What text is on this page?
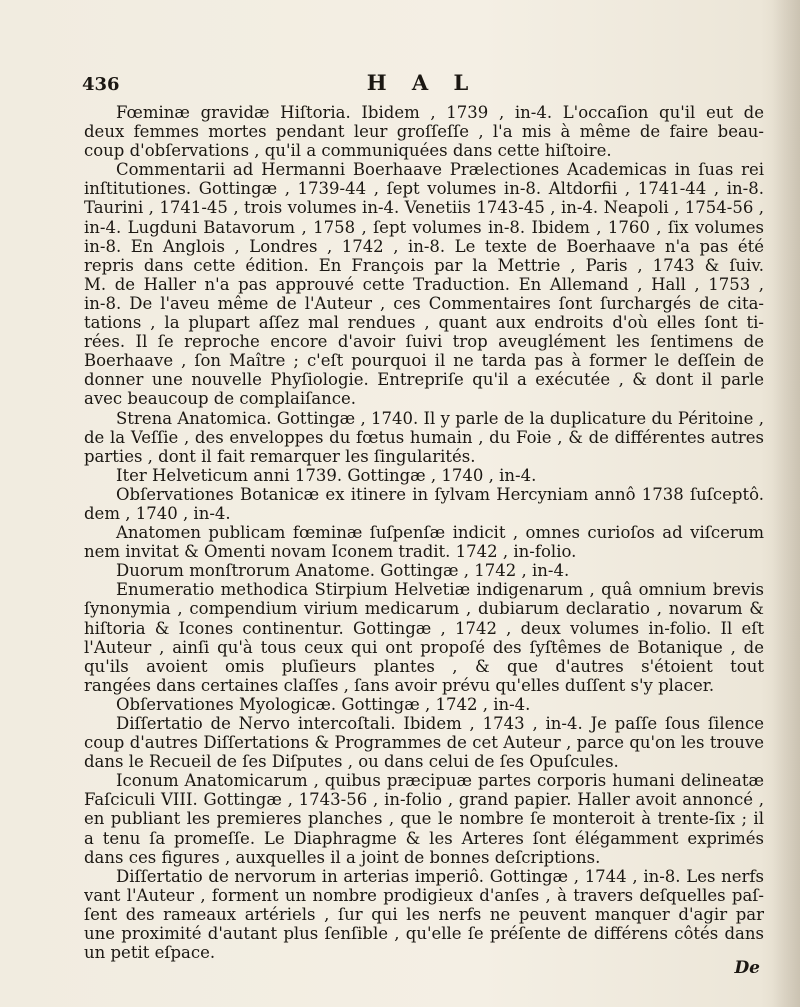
436	H A L
Fœminæ gravidæ Hiſtoria. Ibidem , 1739 , in-4. L'occaſion qu'il eut de
deux femmes mortes pendant leur groſſeſſe , l'a mis à même de faire beau-
coup d'obſervations , qu'il a communiquées dans cette hiſtoire.
Commentarii ad Hermanni Boerhaave Prælectiones Academicas in ſuas rei
inſtitutiones. Gottingæ , 1739-44 , ſept volumes in-8. Altdorfii , 1741-44 , in-8.
Taurini , 1741-45 , trois volumes in-4. Venetiis 1743-45 , in-4. Neapoli , 1754-56 ,
in-4. Lugduni Batavorum , 1758 , ſept volumes in-8. Ibidem , 1760 , ſix volumes
in-8. En Anglois , Londres , 1742 , in-8. Le texte de Boerhaave n'a pas été
repris dans cette édition. En François par la Mettrie , Paris , 1743 & ſuiv.
M. de Haller n'a pas approuvé cette Traduction. En Allemand , Hall , 1753 ,
in-8. De l'aveu même de l'Auteur , ces Commentaires ſont ſurchargés de cita-
tations , la plupart aſſez mal rendues , quant aux endroits d'où elles ſont ti-
rées. Il ſe reproche encore d'avoir ſuivi trop aveuglément les ſentimens de
Boerhaave , ſon Maître ; c'eſt pourquoi il ne tarda pas à former le deſſein de
donner une nouvelle Phyſiologie. Entrepriſe qu'il a exécutée , & dont il parle
avec beaucoup de complaiſance.
Strena Anatomica. Gottingæ , 1740. Il y parle de la duplicature du Péritoine ,
de la Veſſie , des enveloppes du fœtus humain , du Foie , & de différentes autres
parties , dont il fait remarquer les ſingularités.
Iter Helveticum anni 1739. Gottingæ , 1740 , in-4.
Obſervationes Botanicæ ex itinere in ſylvam Hercyniam annô 1738 ſuſceptô.
dem , 1740 , in-4.
Anatomen publicam fœminæ ſuſpenſæ indicit , omnes curioſos ad viſcerum
nem invitat & Omenti novam Iconem tradit. 1742 , in-folio.
Duorum monſtrorum Anatome. Gottingæ , 1742 , in-4.
Enumeratio methodica Stirpium Helvetiæ indigenarum , quâ omnium brevis
ſynonymia , compendium virium medicarum , dubiarum declaratio , novarum &
hiſtoria & Icones continentur. Gottingæ , 1742 , deux volumes in-folio. Il eſt
l'Auteur , ainſi qu'à tous ceux qui ont propoſé des ſyſtêmes de Botanique , de
qu'ils avoient omis pluſieurs plantes , & que d'autres s'étoient tout
rangées dans certaines claſſes , ſans avoir prévu qu'elles duſſent s'y placer.
Obſervationes Myologicæ. Gottingæ , 1742 , in-4.
Diſſertatio de Nervo intercoſtali. Ibidem , 1743 , in-4. Je paſſe ſous ſilence
coup d'autres Diſſertations & Programmes de cet Auteur , parce qu'on les trouve
dans le Recueil de ſes Diſputes , ou dans celui de ſes Opuſcules.
Iconum Anatomicarum , quibus præcipuæ partes corporis humani delineatæ
Faſciculi VIII. Gottingæ , 1743-56 , in-folio , grand papier. Haller avoit annoncé ,
en publiant les premieres planches , que le nombre ſe monteroit à trente-ſix ; il
a tenu ſa promeſſe. Le Diaphragme & les Arteres ſont élégamment exprimés
dans ces figures , auxquelles il a joint de bonnes deſcriptions.
Diſſertatio de nervorum in arterias imperiô. Gottingæ , 1744 , in-8. Les nerfs
vant l'Auteur , forment un nombre prodigieux d'anſes , à travers deſquelles paſ-
ſent des rameaux artériels , ſur qui les nerfs ne peuvent manquer d'agir par
une proximité d'autant plus ſenſible , qu'elle ſe préſente de différens côtés dans
un petit eſpace.
De
